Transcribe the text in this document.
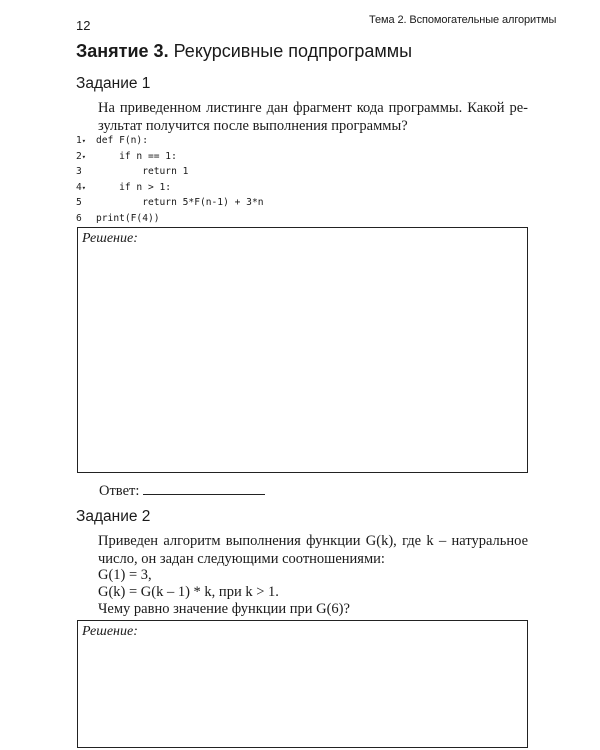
12	Тема 2. Вспомогательные алгоритмы
Занятие 3. Рекурсивные подпрограммы
Задание 1
На приведенном листинге дан фрагмент кода программы. Какой ре-
зультат получится после выполнения программы?
1▾ def F(n):
2▾    if n == 1:
3        return 1
4▾    if n > 1:
5        return 5*F(n-1) + 3*n
6 print(F(4))
Решение:
Ответ:
Задание 2
Приведен алгоритм выполнения функции G(k), где k – натуральное
число, он задан следующими соотношениями:
G(1) = 3,
G(k) = G(k – 1) * k, при k > 1.
Чему равно значение функции при G(6)?
Решение:
